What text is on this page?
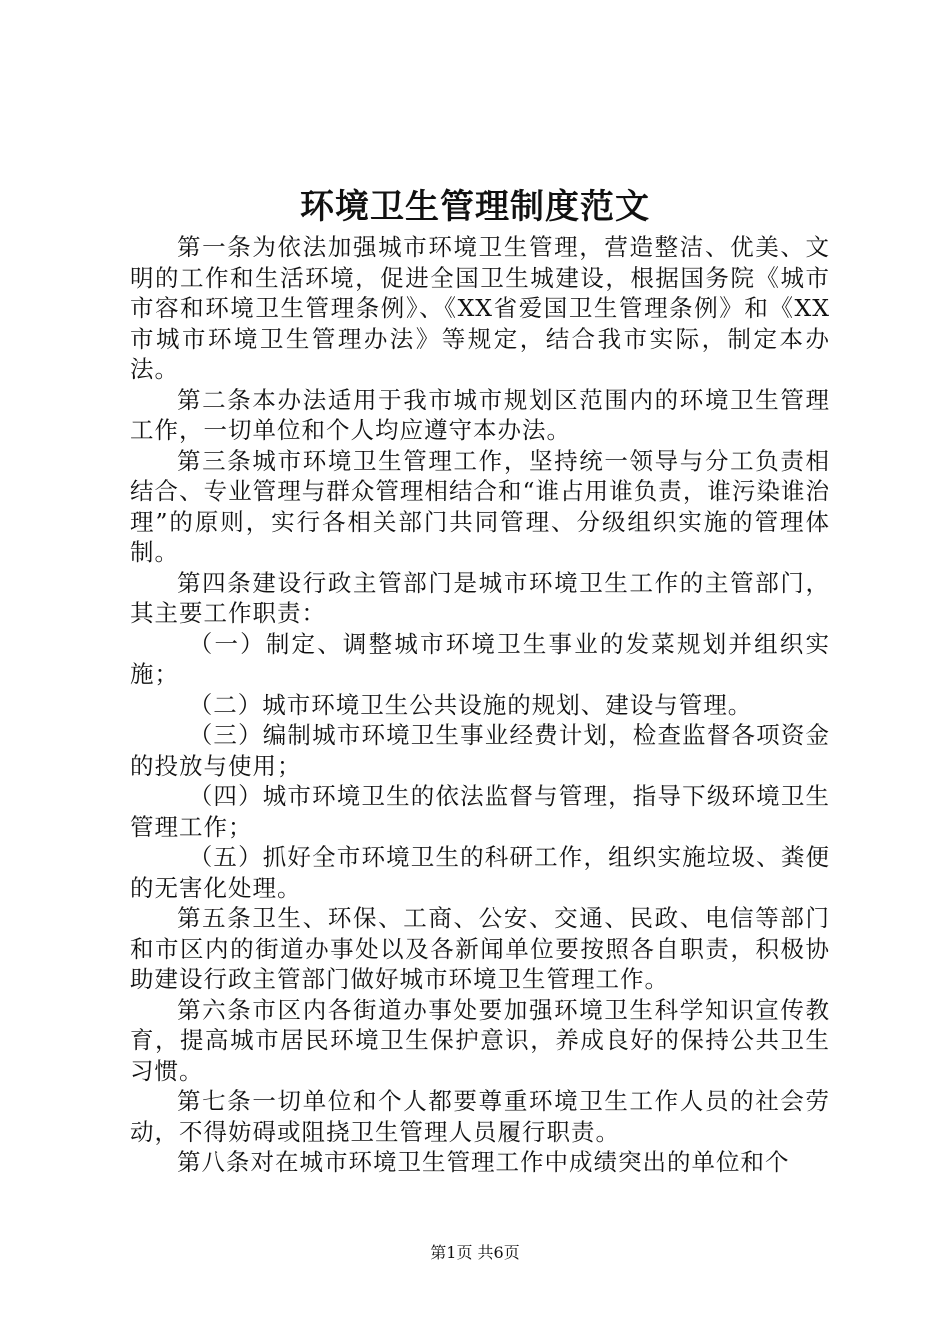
环境卫生管理制度范文

第一条为依法加强城市环境卫生管理，营造整洁、优美、文明的工作和生活环境，促进全国卫生城建设，根据国务院《城市市容和环境卫生管理条例》、《XX省爱国卫生管理条例》和《XX市城市环境卫生管理办法》等规定，结合我市实际，制定本办法。

第二条本办法适用于我市城市规划区范围内的环境卫生管理工作，一切单位和个人均应遵守本办法。

第三条城市环境卫生管理工作，坚持统一领导与分工负责相结合、专业管理与群众管理相结合和“谁占用谁负责，谁污染谁治理”的原则，实行各相关部门共同管理、分级组织实施的管理体制。

第四条建设行政主管部门是城市环境卫生工作的主管部门，其主要工作职责：

（一）制定、调整城市环境卫生事业的发菜规划并组织实施；

（二）城市环境卫生公共设施的规划、建设与管理。

（三）编制城市环境卫生事业经费计划，检查监督各项资金的投放与使用；

（四）城市环境卫生的依法监督与管理，指导下级环境卫生管理工作；

（五）抓好全市环境卫生的科研工作，组织实施垃圾、粪便的无害化处理。

第五条卫生、环保、工商、公安、交通、民政、电信等部门和市区内的街道办事处以及各新闻单位要按照各自职责，积极协助建设行政主管部门做好城市环境卫生管理工作。

第六条市区内各街道办事处要加强环境卫生科学知识宣传教育，提高城市居民环境卫生保护意识，养成良好的保持公共卫生习惯。

第七条一切单位和个人都要尊重环境卫生工作人员的社会劳动，不得妨碍或阻挠卫生管理人员履行职责。

第八条对在城市环境卫生管理工作中成绩突出的单位和个

第1页 共6页
